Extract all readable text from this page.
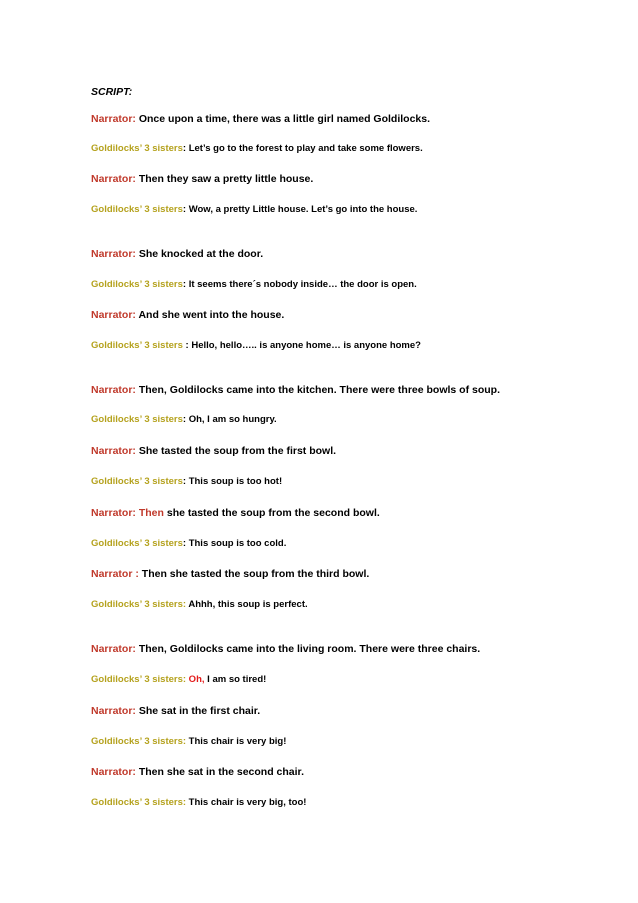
SCRIPT:
Narrator: Once upon a time, there was a little girl named Goldilocks.
Goldilocks’ 3 sisters: Let’s go to the forest to play and take some flowers.
Narrator: Then they saw a pretty little house.
Goldilocks’ 3 sisters: Wow, a pretty Little house. Let’s go into the house.
Narrator: She knocked at the door.
Goldilocks’ 3 sisters: It seems there´s nobody inside… the door is open.
Narrator: And she went into the house.
Goldilocks’ 3 sisters : Hello, hello….. is anyone home… is anyone home?
Narrator: Then, Goldilocks came into the kitchen. There were three bowls of soup.
Goldilocks’ 3 sisters: Oh, I am so hungry.
Narrator: She tasted the soup from the first bowl.
Goldilocks’ 3 sisters: This soup is too hot!
Narrator: Then she tasted the soup from the second bowl.
Goldilocks’ 3 sisters: This soup is too cold.
Narrator : Then she tasted the soup from the third bowl.
Goldilocks’ 3 sisters: Ahhh, this soup is perfect.
Narrator: Then, Goldilocks came into the living room. There were three chairs.
Goldilocks’ 3 sisters: Oh, I am so tired!
Narrator: She sat in the first chair.
Goldilocks’ 3 sisters: This chair is very big!
Narrator: Then she sat in the second chair.
Goldilocks’ 3 sisters: This chair is very big, too!
